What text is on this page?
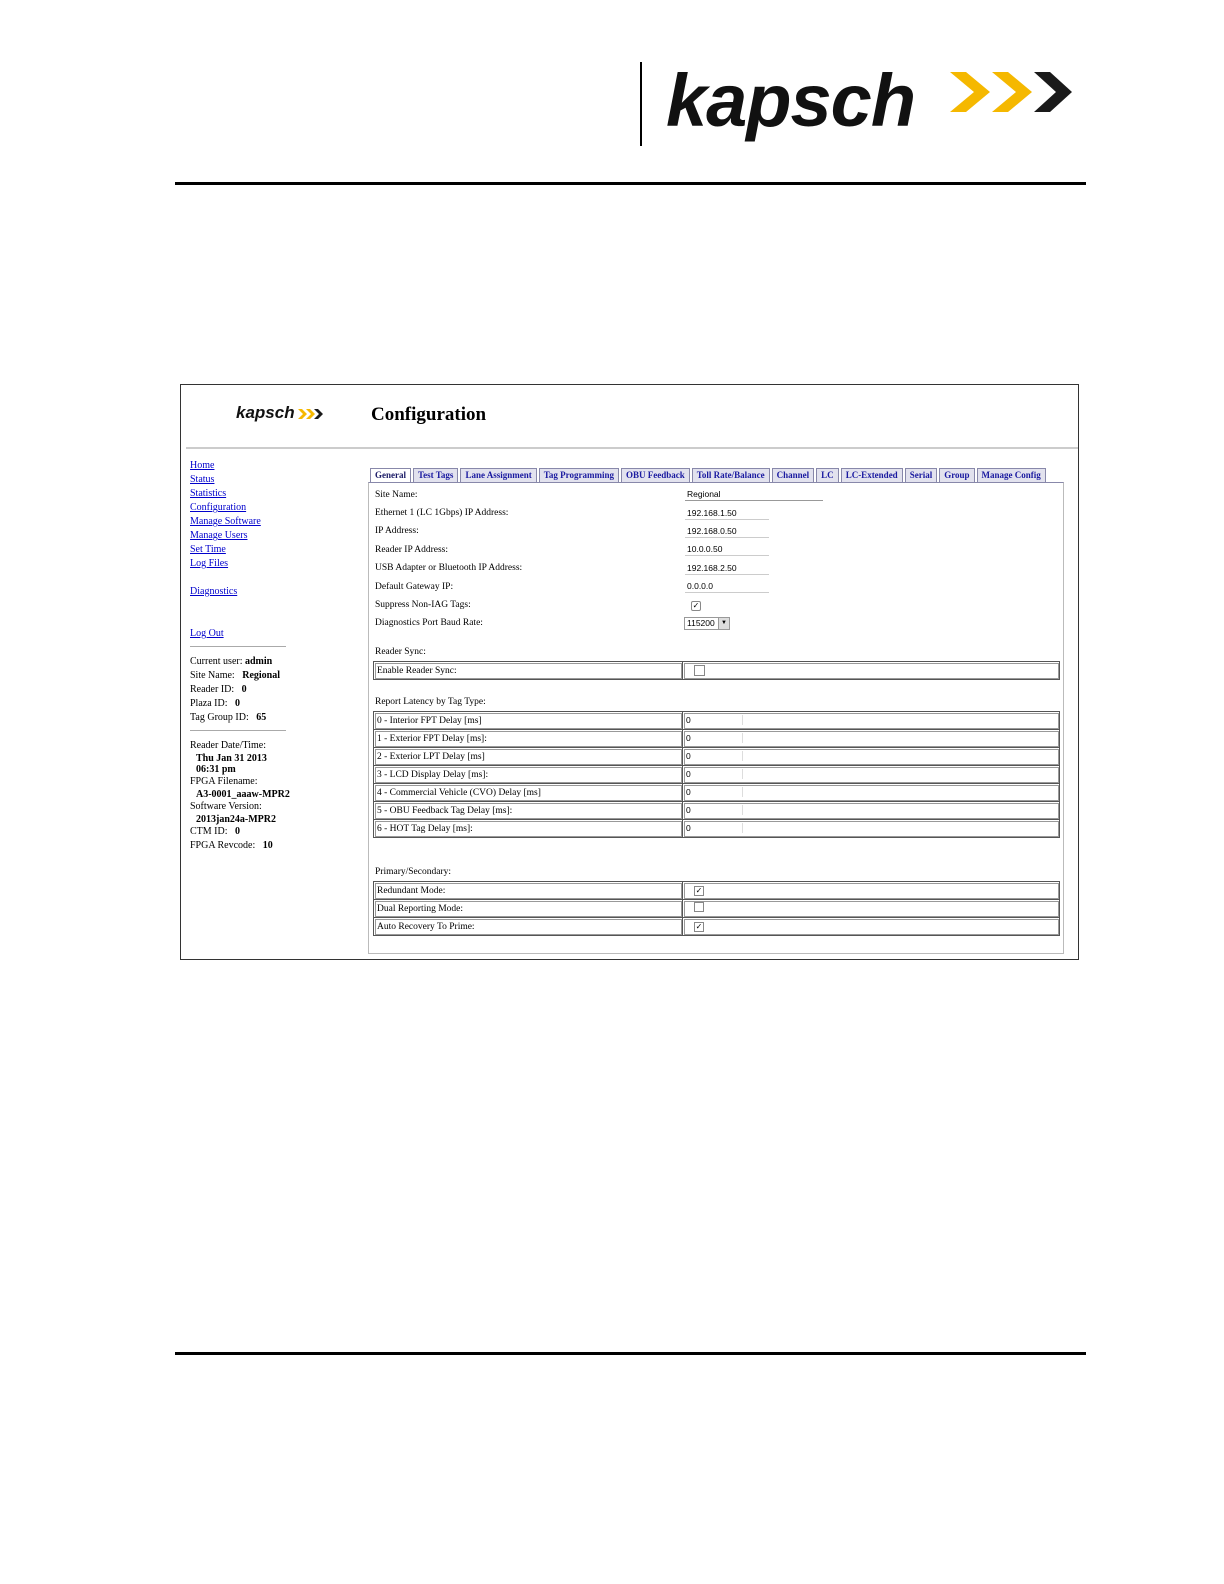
kapsch
kapsch	Configuration
Home
Status
Statistics
Configuration
Manage Software
Manage Users
Set Time
Log Files
Diagnostics
Log Out
Current user: admin
Site Name: Regional
Reader ID: 0
Plaza ID: 0
Tag Group ID: 65
Reader Date/Time:
Thu Jan 31 2013
06:31 pm
FPGA Filename:
A3-0001_aaaw-MPR2
Software Version:
2013jan24a-MPR2
CTM ID: 0
FPGA Revcode: 10
General	Test Tags	Lane Assignment	Tag Programming	OBU Feedback	Toll Rate/Balance	Channel	LC	LC-Extended	Serial	Group	Manage Config
Site Name:	Regional
Ethernet 1 (LC 1Gbps) IP Address:	192.168.1.50
IP Address:	192.168.0.50
Reader IP Address:	10.0.0.50
USB Adapter or Bluetooth IP Address:	192.168.2.50
Default Gateway IP:	0.0.0.0
Suppress Non-IAG Tags:	✓
Diagnostics Port Baud Rate:	115200	▼
Reader Sync:
Enable Reader Sync:	
Report Latency by Tag Type:
0 - Interior FPT Delay [ms]	0
1 - Exterior FPT Delay [ms]:	0
2 - Exterior LPT Delay [ms]	0
3 - LCD Display Delay [ms]:	0
4 - Commercial Vehicle (CVO) Delay [ms]	0
5 - OBU Feedback Tag Delay [ms]:	0
6 - HOT Tag Delay [ms]:	0
Primary/Secondary:
Redundant Mode:	✓
Dual Reporting Mode:	
Auto Recovery To Prime:	✓
